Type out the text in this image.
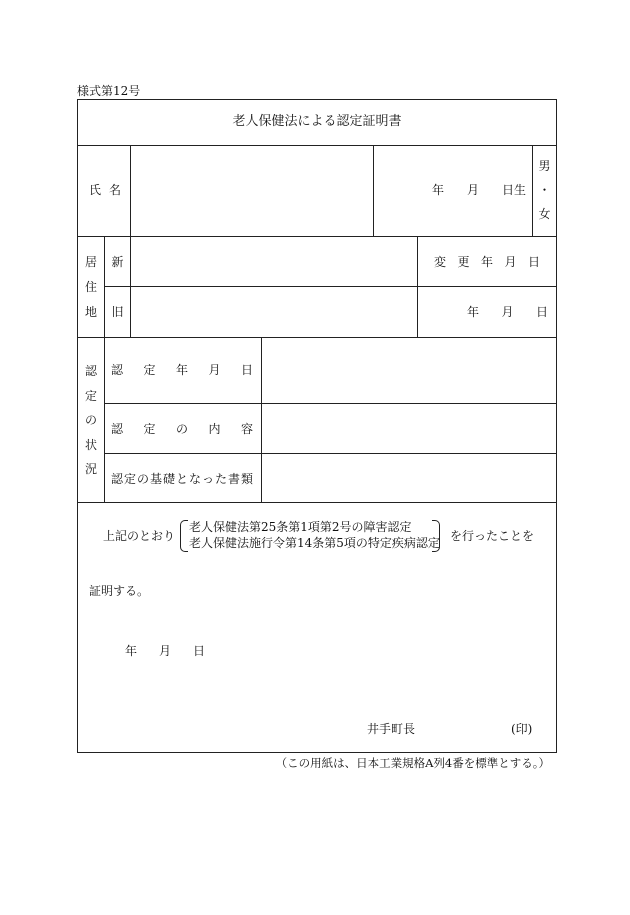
様式第12号
老人保健法による認定証明書
氏 名	年 月 日生
男
・
女
居
住
地
新
旧
変 更 年 月 日
年 月 日
認
定
の
状
況
認 定 年 月 日
認 定 の 内 容
認定の基礎となった書類
上記のとおり
老人保健法第25条第1項第2号の障害認定
老人保健法施行令第14条第5項の特定疾病認定 を行ったことを
証明する。
年 月 日
井手町長	(印)
（この用紙は、日本工業規格A列4番を標準とする。）
